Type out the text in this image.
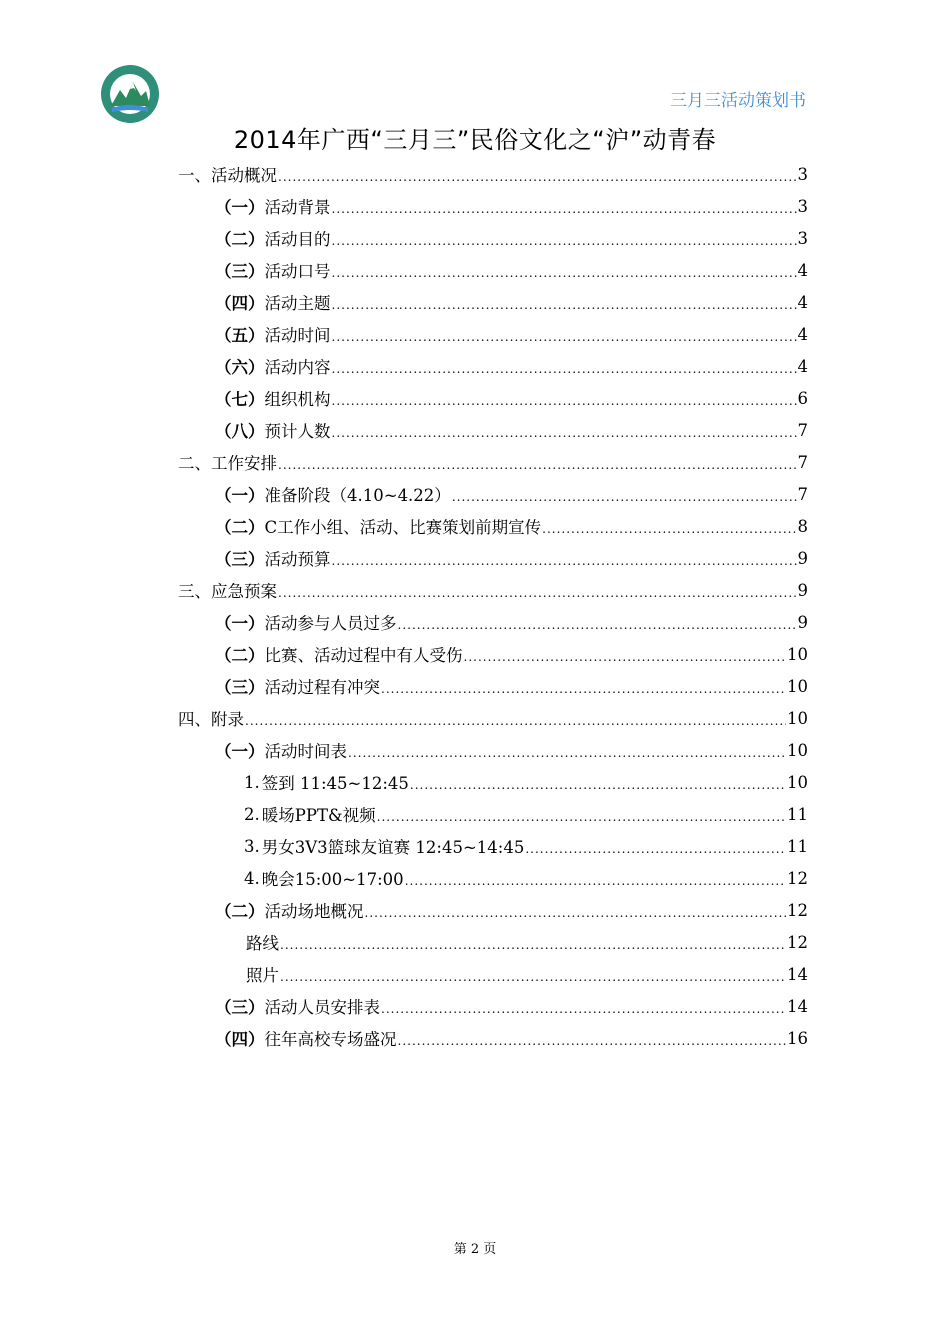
三月三活动策划书
2014年广西“三月三”民俗文化之“沪”动青春
一、 活动概况 .....	3
（一） 活动背景 .....	3
（二） 活动目的 .....	3
（三） 活动口号 .....	4
（四） 活动主题 .....	4
（五） 活动时间 .....	4
（六） 活动内容 .....	4
（七） 组织机构 .....	6
（八） 预计人数 .....	7
二、 工作安排 .....	7
（一） 准备阶段（4.10~4.22） .....	7
（二） C工作小组、活动、比赛策划前期宣传 .....	8
（三） 活动预算 .....	9
三、 应急预案 .....	9
（一） 活动参与人员过多 .....	9
（二） 比赛、活动过程中有人受伤 .....	10
（三） 活动过程有冲突 .....	10
四、 附录 .....	10
（一） 活动时间表 .....	10
1. 签到 11:45~12:45 .....	10
2. 暖场PPT&视频 .....	11
3. 男女3V3篮球友谊赛 12:45~14:45 .....	11
4. 晚会15:00~17:00 .....	12
（二） 活动场地概况 .....	12
路线 .....	12
照片 .....	14
（三） 活动人员安排表 .....	14
（四） 往年高校专场盛况 .....	16
第 2 页
